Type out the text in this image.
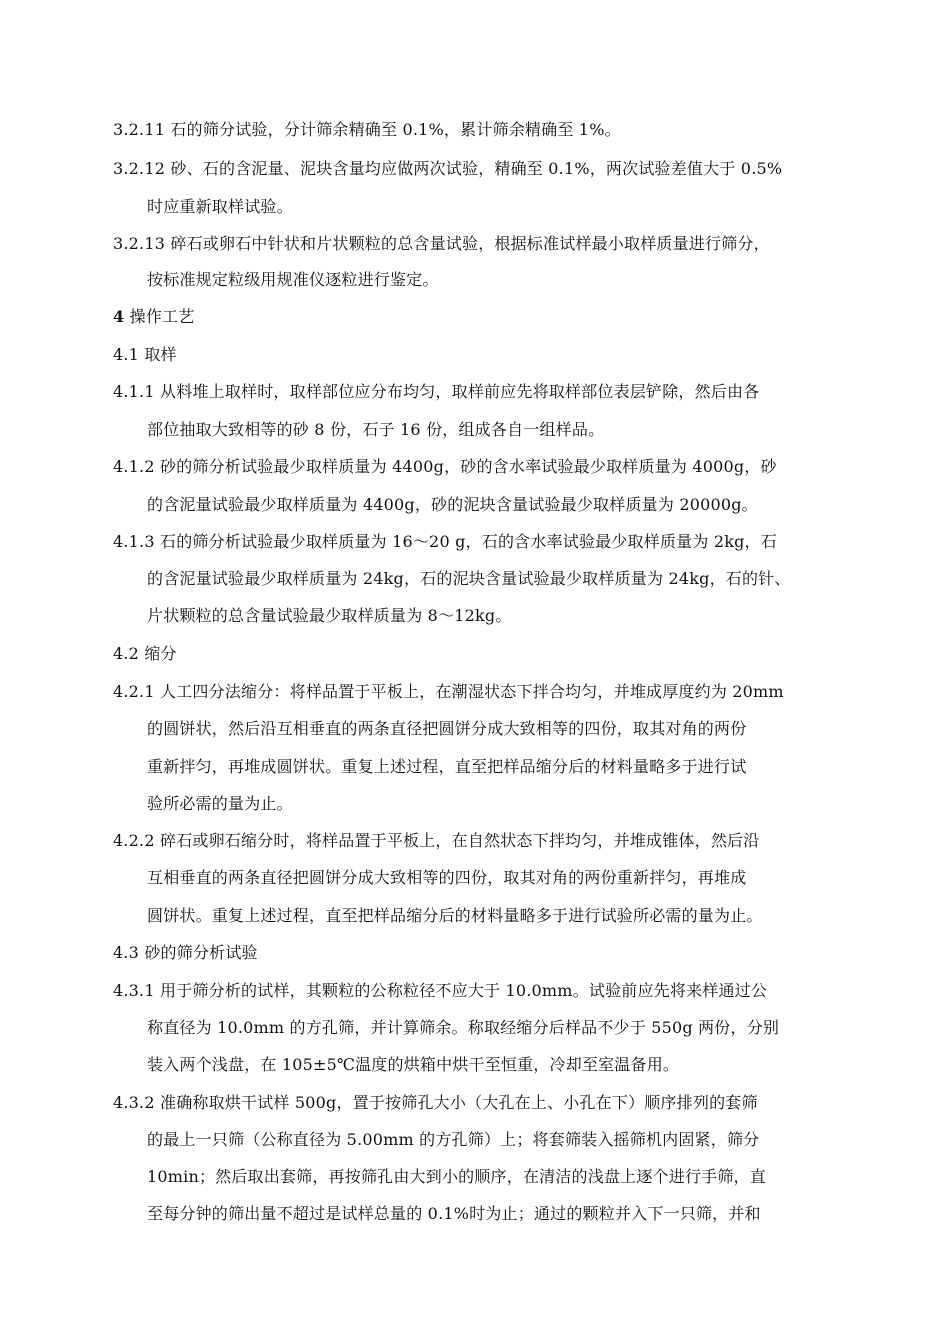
3.2.11 石的筛分试验，分计筛余精确至 0.1%，累计筛余精确至 1%。
3.2.12 砂、石的含泥量、泥块含量均应做两次试验，精确至 0.1%，两次试验差值大于 0.5%
时应重新取样试验。
3.2.13 碎石或卵石中针状和片状颗粒的总含量试验，根据标准试样最小取样质量进行筛分，
按标准规定粒级用规准仪逐粒进行鉴定。
4 操作工艺
4.1 取样
4.1.1 从料堆上取样时，取样部位应分布均匀，取样前应先将取样部位表层铲除，然后由各
部位抽取大致相等的砂 8 份，石子 16 份，组成各自一组样品。
4.1.2 砂的筛分析试验最少取样质量为 4400g，砂的含水率试验最少取样质量为 4000g，砂
的含泥量试验最少取样质量为 4400g，砂的泥块含量试验最少取样质量为 20000g。
4.1.3 石的筛分析试验最少取样质量为 16～20 g，石的含水率试验最少取样质量为 2kg，石
的含泥量试验最少取样质量为 24kg，石的泥块含量试验最少取样质量为 24kg，石的针、
片状颗粒的总含量试验最少取样质量为 8～12kg。
4.2 缩分
4.2.1 人工四分法缩分：将样品置于平板上，在潮湿状态下拌合均匀，并堆成厚度约为 20mm
的圆饼状，然后沿互相垂直的两条直径把圆饼分成大致相等的四份，取其对角的两份
重新拌匀，再堆成圆饼状。重复上述过程，直至把样品缩分后的材料量略多于进行试
验所必需的量为止。
4.2.2 碎石或卵石缩分时，将样品置于平板上，在自然状态下拌均匀，并堆成锥体，然后沿
互相垂直的两条直径把圆饼分成大致相等的四份，取其对角的两份重新拌匀，再堆成
圆饼状。重复上述过程，直至把样品缩分后的材料量略多于进行试验所必需的量为止。
4.3 砂的筛分析试验
4.3.1 用于筛分析的试样，其颗粒的公称粒径不应大于 10.0mm。试验前应先将来样通过公
称直径为 10.0mm 的方孔筛，并计算筛余。称取经缩分后样品不少于 550g 两份，分别
装入两个浅盘，在 105±5℃温度的烘箱中烘干至恒重，冷却至室温备用。
4.3.2 准确称取烘干试样 500g，置于按筛孔大小（大孔在上、小孔在下）顺序排列的套筛
的最上一只筛（公称直径为 5.00mm 的方孔筛）上；将套筛装入摇筛机内固紧，筛分
10min；然后取出套筛，再按筛孔由大到小的顺序，在清洁的浅盘上逐个进行手筛，直
至每分钟的筛出量不超过是试样总量的 0.1%时为止；通过的颗粒并入下一只筛，并和
